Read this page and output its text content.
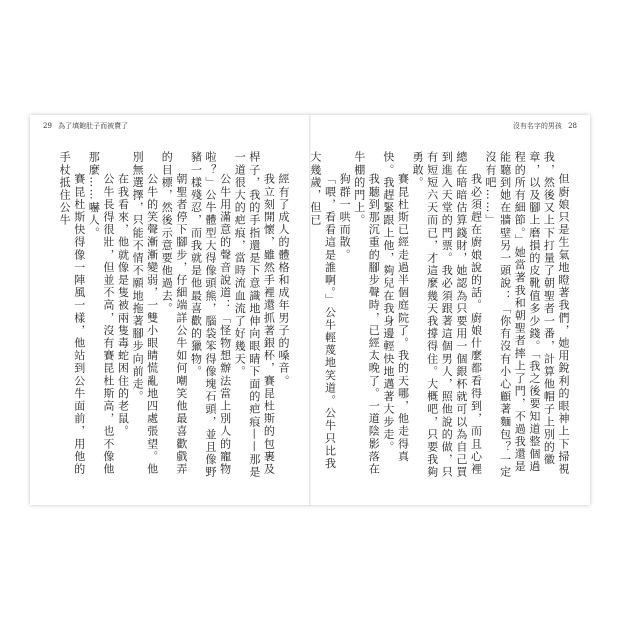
29 為了填飽肚子而被賣了

經有了成人的體格和成年男子的嗓音。

我立刻開懷，雖然手裡還抓著銀杯，賽昆杜斯的包裹及桿子，我的手指還是下意識地伸向眼睛下面的疤痕——那是一道很大的疤痕，當時流血流了好幾天。

公牛用滿意的聲音說道：「怪物想辦法當上別人的寵物啦？」公牛體型大得像頭熊，腦袋笨得像塊石頭，並且像野豬一樣殘忍，而我就是他最喜歡的獵物。

朝聖者停下腳步，仔細端詳公牛如何嘲笑他最喜歡戲弄的目標，然後示意要他過去。

公牛的笑聲漸漸變弱，一雙小眼睛慌亂地四處張望。他別無選擇，只能不情不願地拖著腳步向前走。

在我看來，他就像是隻被兩隻毒蛇困住的老鼠。

公牛長得很壯，但並不高，沒有賽昆杜斯高，也不像他那麼……嚇人。

賽昆杜斯快得像一陣風一樣，他站到公牛面前，用他的手杖抵住公牛

沒有名字的男孩 28

但廚娘只是生氣地瞪著我們，她用銳利的眼神上下掃視我，然後又上下打量了朝聖者一番，計算他帽子上別的徽章，以及腳上磨損的皮靴值多少錢。「我之後要知道整個過程的所有細節。」她當著我和朝聖者摔上了門，不過我還是能聽到她在牆壁另一頭說：「你有沒有小心顧著麵包？一定沒有吧……」

我必須趕在廚娘說的話。廚娘什麼都看得到，而且心裡總在暗暗估算錢財，她認為只要用一個銀杯就可以為自己買到進入天堂的門票。我必須跟著這個男人，照他說的做，只有短短六天而已，才這麼幾天我撐得住。大概吧，只要我夠勇敢。

賽昆杜斯已經走過半個庭院了。我的天哪，他走得真快。我趕緊跟上他，夠兒在我身邊輕快地邁著大步走。

我聽到那沉重的腳步聲時，已經太晚了。一道陰影落在牛棚的門上。

狗群一哄而散。

「喂，看看這是誰啊。」公牛輕蔑地笑道。公牛只比我大幾歲，但已
